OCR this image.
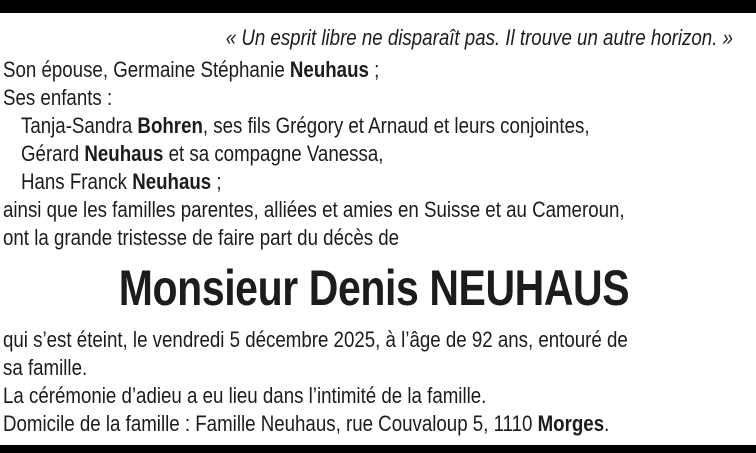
« Un esprit libre ne disparaît pas. Il trouve un autre horizon. »
Son épouse, Germaine Stéphanie Neuhaus ;
Ses enfants :
Tanja-Sandra Bohren, ses fils Grégory et Arnaud et leurs conjointes,
Gérard Neuhaus et sa compagne Vanessa,
Hans Franck Neuhaus ;
ainsi que les familles parentes, alliées et amies en Suisse et au Cameroun,
ont la grande tristesse de faire part du décès de
Monsieur Denis NEUHAUS
qui s’est éteint, le vendredi 5 décembre 2025, à l’âge de 92 ans, entouré de
sa famille.
La cérémonie d’adieu a eu lieu dans l’intimité de la famille.
Domicile de la famille : Famille Neuhaus, rue Couvaloup 5, 1110 Morges.
